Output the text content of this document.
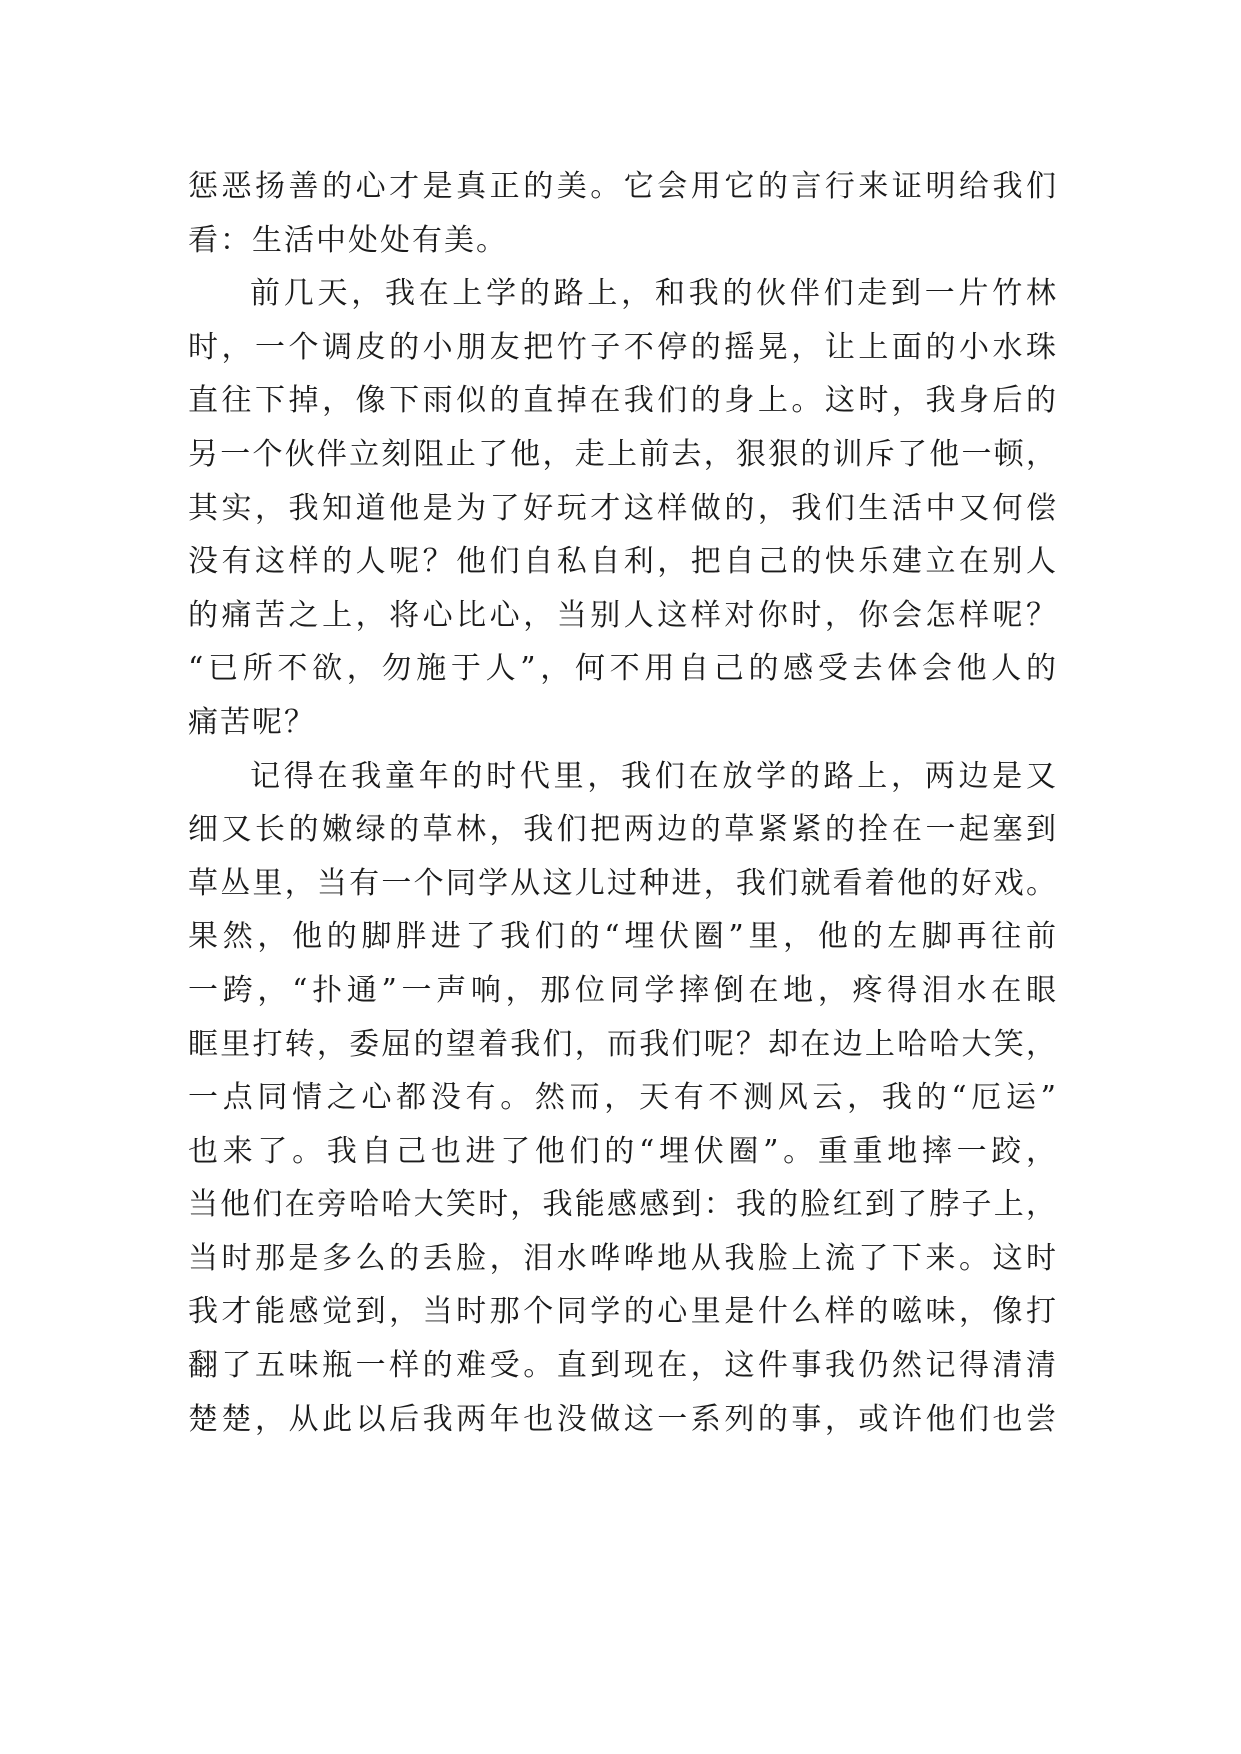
惩恶扬善的心才是真正的美。它会用它的言行来证明给我们
看：生活中处处有美。
前几天，我在上学的路上，和我的伙伴们走到一片竹林
时，一个调皮的小朋友把竹子不停的摇晃，让上面的小水珠
直往下掉，像下雨似的直掉在我们的身上。这时，我身后的
另一个伙伴立刻阻止了他，走上前去，狠狠的训斥了他一顿，
其实，我知道他是为了好玩才这样做的，我们生活中又何偿
没有这样的人呢？他们自私自利，把自己的快乐建立在别人
的痛苦之上，将心比心，当别人这样对你时，你会怎样呢？
“已所不欲，勿施于人”，何不用自己的感受去体会他人的
痛苦呢？
记得在我童年的时代里，我们在放学的路上，两边是又
细又长的嫩绿的草林，我们把两边的草紧紧的拴在一起塞到
草丛里，当有一个同学从这儿过种进，我们就看着他的好戏。
果然，他的脚胖进了我们的“埋伏圈”里，他的左脚再往前
一跨，“扑通”一声响，那位同学摔倒在地，疼得泪水在眼
眶里打转，委屈的望着我们，而我们呢？却在边上哈哈大笑，
一点同情之心都没有。然而，天有不测风云，我的“厄运”
也来了。我自己也进了他们的“埋伏圈”。重重地摔一跤，
当他们在旁哈哈大笑时，我能感感到：我的脸红到了脖子上，
当时那是多么的丢脸，泪水哗哗地从我脸上流了下来。这时
我才能感觉到，当时那个同学的心里是什么样的嗞味，像打
翻了五味瓶一样的难受。直到现在，这件事我仍然记得清清
楚楚，从此以后我两年也没做这一系列的事，或许他们也尝
